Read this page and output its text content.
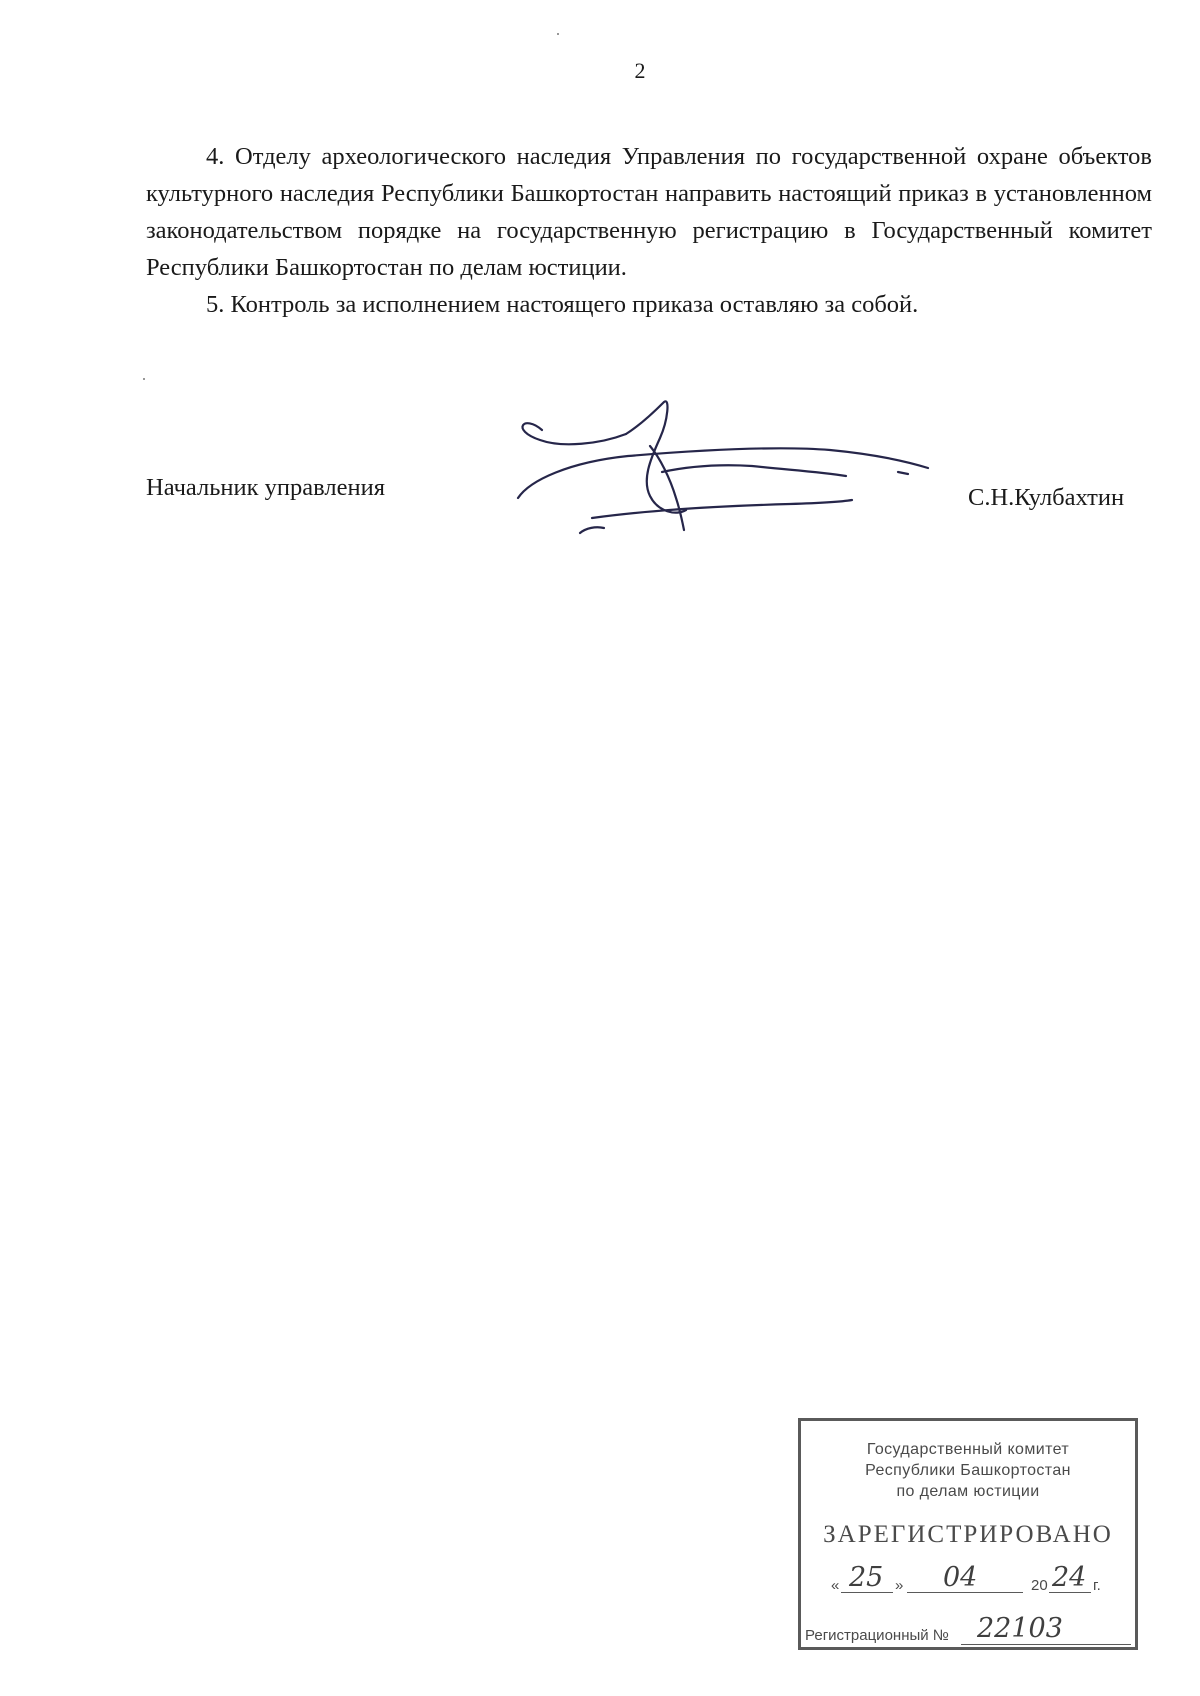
2

4. Отделу археологического наследия Управления по государственной охране объектов культурного наследия Республики Башкортостан направить настоящий приказ в установленном законодательством порядке на государственную регистрацию в Государственный комитет Республики Башкортостан по делам юстиции.

5. Контроль за исполнением настоящего приказа оставляю за собой.

Начальник управления	С.Н.Кулбахтин
Государственный комитет
Республики Башкортостан
по делам юстиции
ЗАРЕГИСТРИРОВАНО
« 25 » 04	20 24 г.
Регистрационный № 22103
